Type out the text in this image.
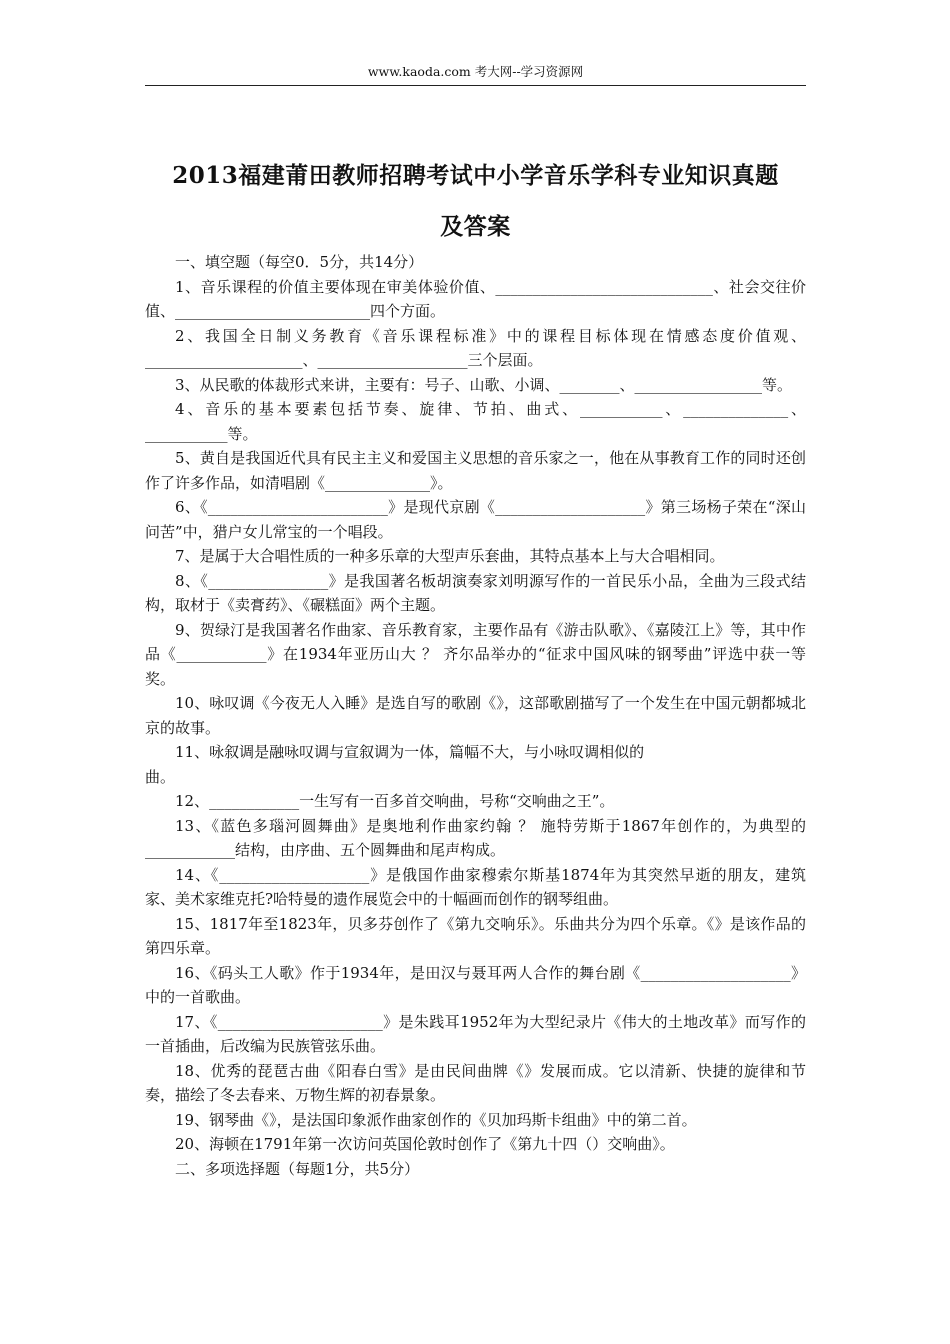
www.kaoda.com 考大网--学习资源网
2013福建莆田教师招聘考试中小学音乐学科专业知识真题
及答案

一、填空题（每空0．5分，共14分）

1、音乐课程的价值主要体现在审美体验价值、_____________________________、社会交往价值、__________________________四个方面。

2、我国全日制义务教育《音乐课程标准》中的课程目标体现在情感态度价值观、_____________________、____________________三个层面。

3、从民歌的体裁形式来讲，主要有：号子、山歌、小调、________、_________________等。

4、音乐的基本要素包括节奏、旋律、节拍、曲式、___________、______________、___________等。

5、黄自是我国近代具有民主主义和爱国主义思想的音乐家之一，他在从事教育工作的同时还创作了许多作品，如清唱剧《______________》。

6、《________________________》是现代京剧《____________________》第三场杨子荣在“深山问苦”中，猎户女儿常宝的一个唱段。

7、是属于大合唱性质的一种多乐章的大型声乐套曲，其特点基本上与大合唱相同。

8、《________________》是我国著名板胡演奏家刘明源写作的一首民乐小品，全曲为三段式结构，取材于《卖膏药》、《碾糕面》两个主题。

9、贺绿汀是我国著名作曲家、音乐教育家，主要作品有《游击队歌》、《嘉陵江上》等，其中作品《____________》在1934年亚历山大 ？ 齐尔品举办的“征求中国风味的钢琴曲”评选中获一等奖。

10、咏叹调《今夜无人入睡》是选自写的歌剧《》，这部歌剧描写了一个发生在中国元朝都城北京的故事。

11、咏叙调是融咏叹调与宣叙调为一体，篇幅不大，与小咏叹调相似的

曲。

12、____________一生写有一百多首交响曲，号称“交响曲之王”。

13、《蓝色多瑙河圆舞曲》是奥地利作曲家约翰 ？ 施特劳斯于1867年创作的，为典型的____________结构，由序曲、五个圆舞曲和尾声构成。

14、《____________________》是俄国作曲家穆索尔斯基1874年为其突然早逝的朋友，建筑家、美术家维克托?哈特曼的遗作展览会中的十幅画而创作的钢琴组曲。

15、1817年至1823年，贝多芬创作了《第九交响乐》。乐曲共分为四个乐章。《》是该作品的第四乐章。

16、《码头工人歌》作于1934年，是田汉与聂耳两人合作的舞台剧《____________________》中的一首歌曲。

17、《______________________》是朱践耳1952年为大型纪录片《伟大的土地改革》而写作的一首插曲，后改编为民族管弦乐曲。

18、优秀的琵琶古曲《阳春白雪》是由民间曲牌《》发展而成。它以清新、快捷的旋律和节奏，描绘了冬去春来、万物生辉的初春景象。

19、钢琴曲《》，是法国印象派作曲家创作的《贝加玛斯卡组曲》中的第二首。

20、海顿在1791年第一次访问英国伦敦时创作了《第九十四（）交响曲》。

二、多项选择题（每题1分，共5分）
